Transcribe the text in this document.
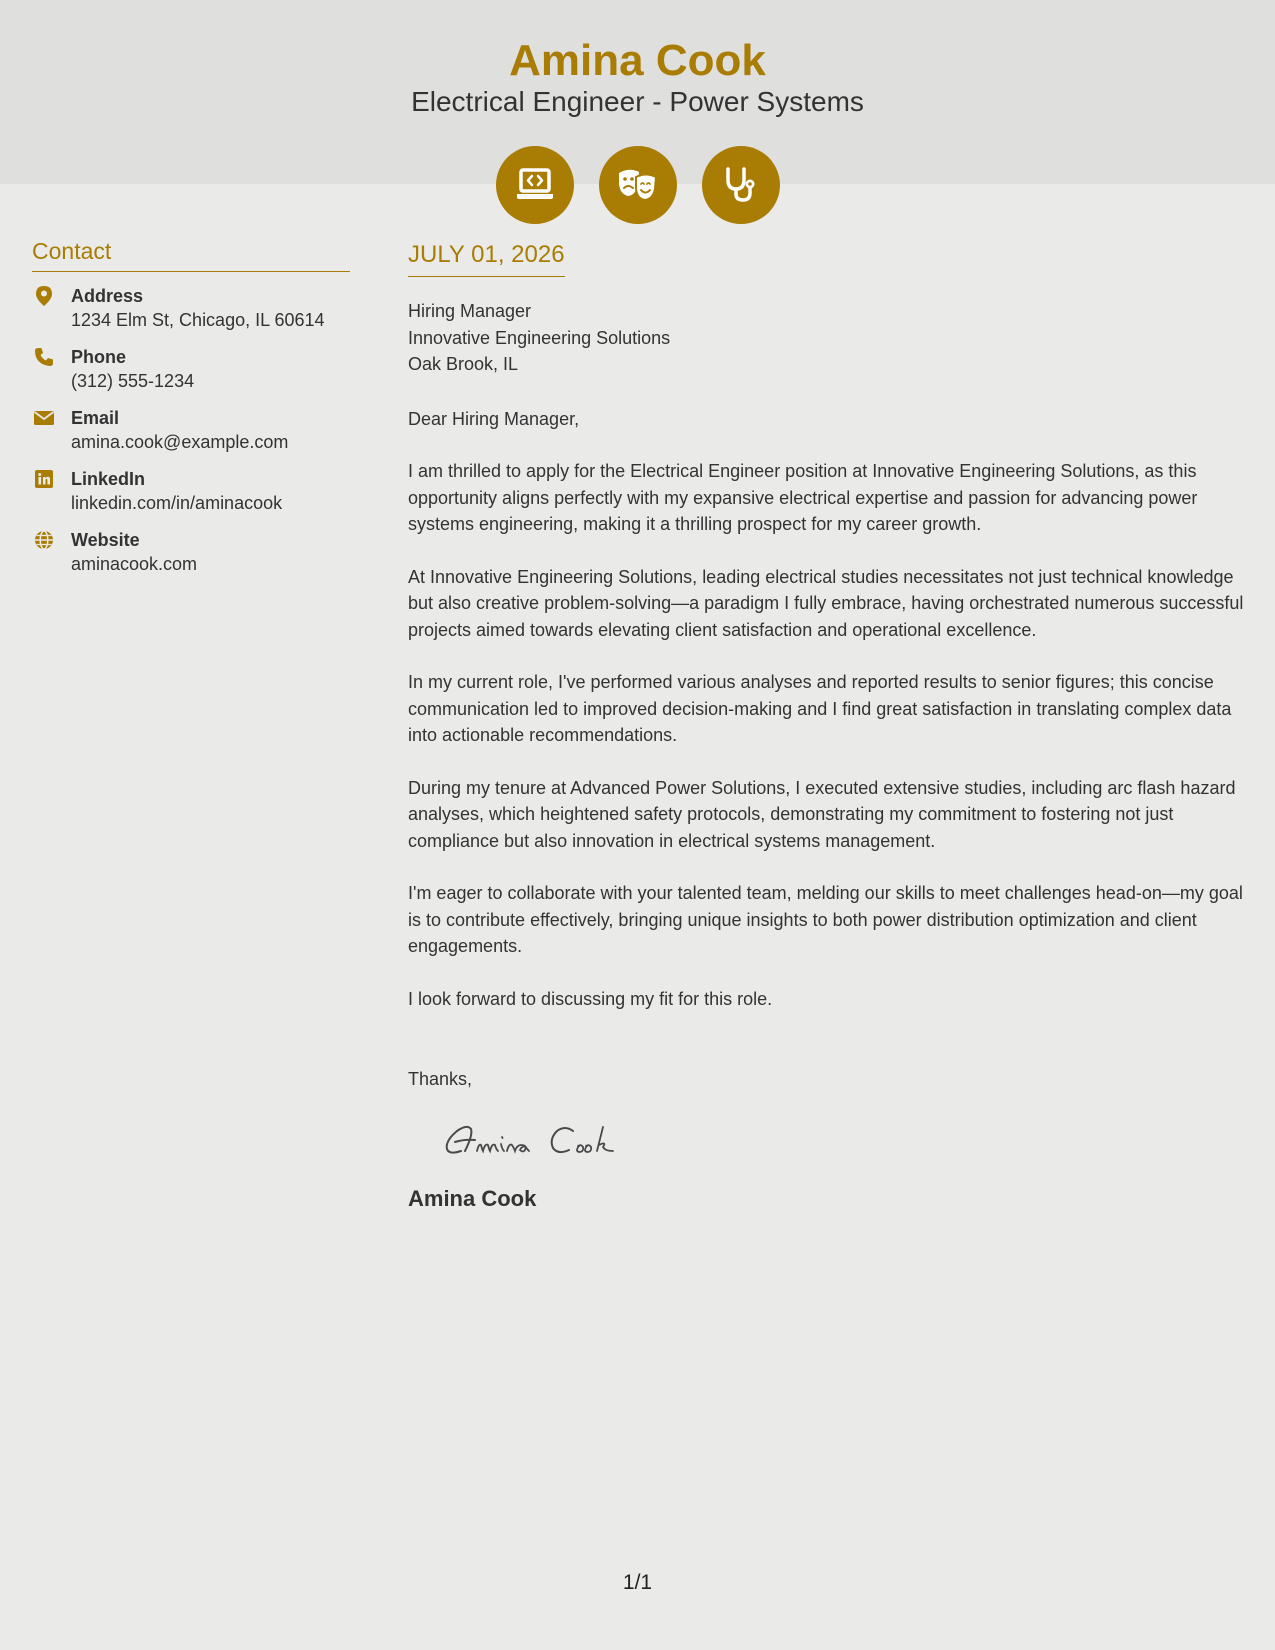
Amina Cook
Electrical Engineer - Power Systems
Contact
Address
1234 Elm St, Chicago, IL 60614
Phone
(312) 555-1234
Email
amina.cook@example.com
LinkedIn
linkedin.com/in/aminacook
Website
aminacook.com
JULY 01, 2026
Hiring Manager
Innovative Engineering Solutions
Oak Brook, IL
Dear Hiring Manager,
I am thrilled to apply for the Electrical Engineer position at Innovative Engineering Solutions, as this opportunity aligns perfectly with my expansive electrical expertise and passion for advancing power systems engineering, making it a thrilling prospect for my career growth.
At Innovative Engineering Solutions, leading electrical studies necessitates not just technical knowledge but also creative problem-solving—a paradigm I fully embrace, having orchestrated numerous successful projects aimed towards elevating client satisfaction and operational excellence.
In my current role, I've performed various analyses and reported results to senior figures; this concise communication led to improved decision-making and I find great satisfaction in translating complex data into actionable recommendations.
During my tenure at Advanced Power Solutions, I executed extensive studies, including arc flash hazard analyses, which heightened safety protocols, demonstrating my commitment to fostering not just compliance but also innovation in electrical systems management.
I'm eager to collaborate with your talented team, melding our skills to meet challenges head-on—my goal is to contribute effectively, bringing unique insights to both power distribution optimization and client engagements.
I look forward to discussing my fit for this role.
Thanks,
Amina Cook
1/1
